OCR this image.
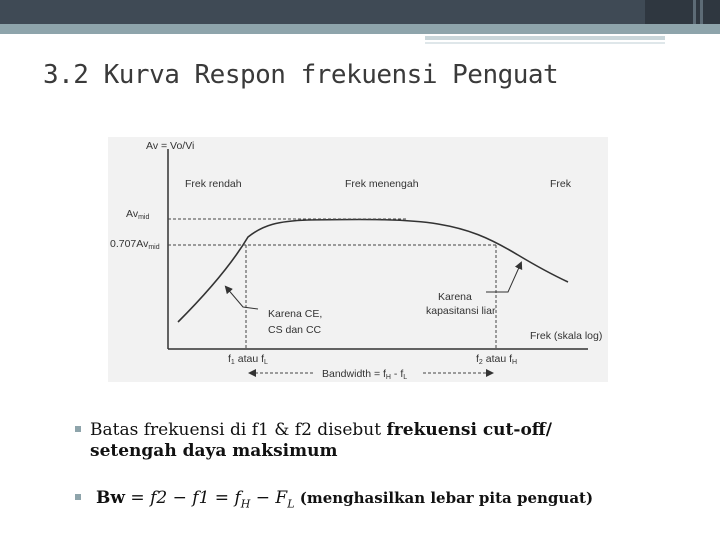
3.2 Kurva Respon frekuensi Penguat
Av = Vo/Vi
Frek rendah	Frek menengah	Frek
Avmid
0.707Avmid
Karena CE,
CS dan CC
Karena
kapasitansi liar
Frek (skala log)
f1 atau fL	f2 atau fH
Bandwidth = fH - fL
Batas frekuensi di f1 & f2 disebut frekuensi cut-off/
setengah daya maksimum
$Bw = f2 - f1 = f_H - F_L$ (menghasilkan lebar pita penguat)
